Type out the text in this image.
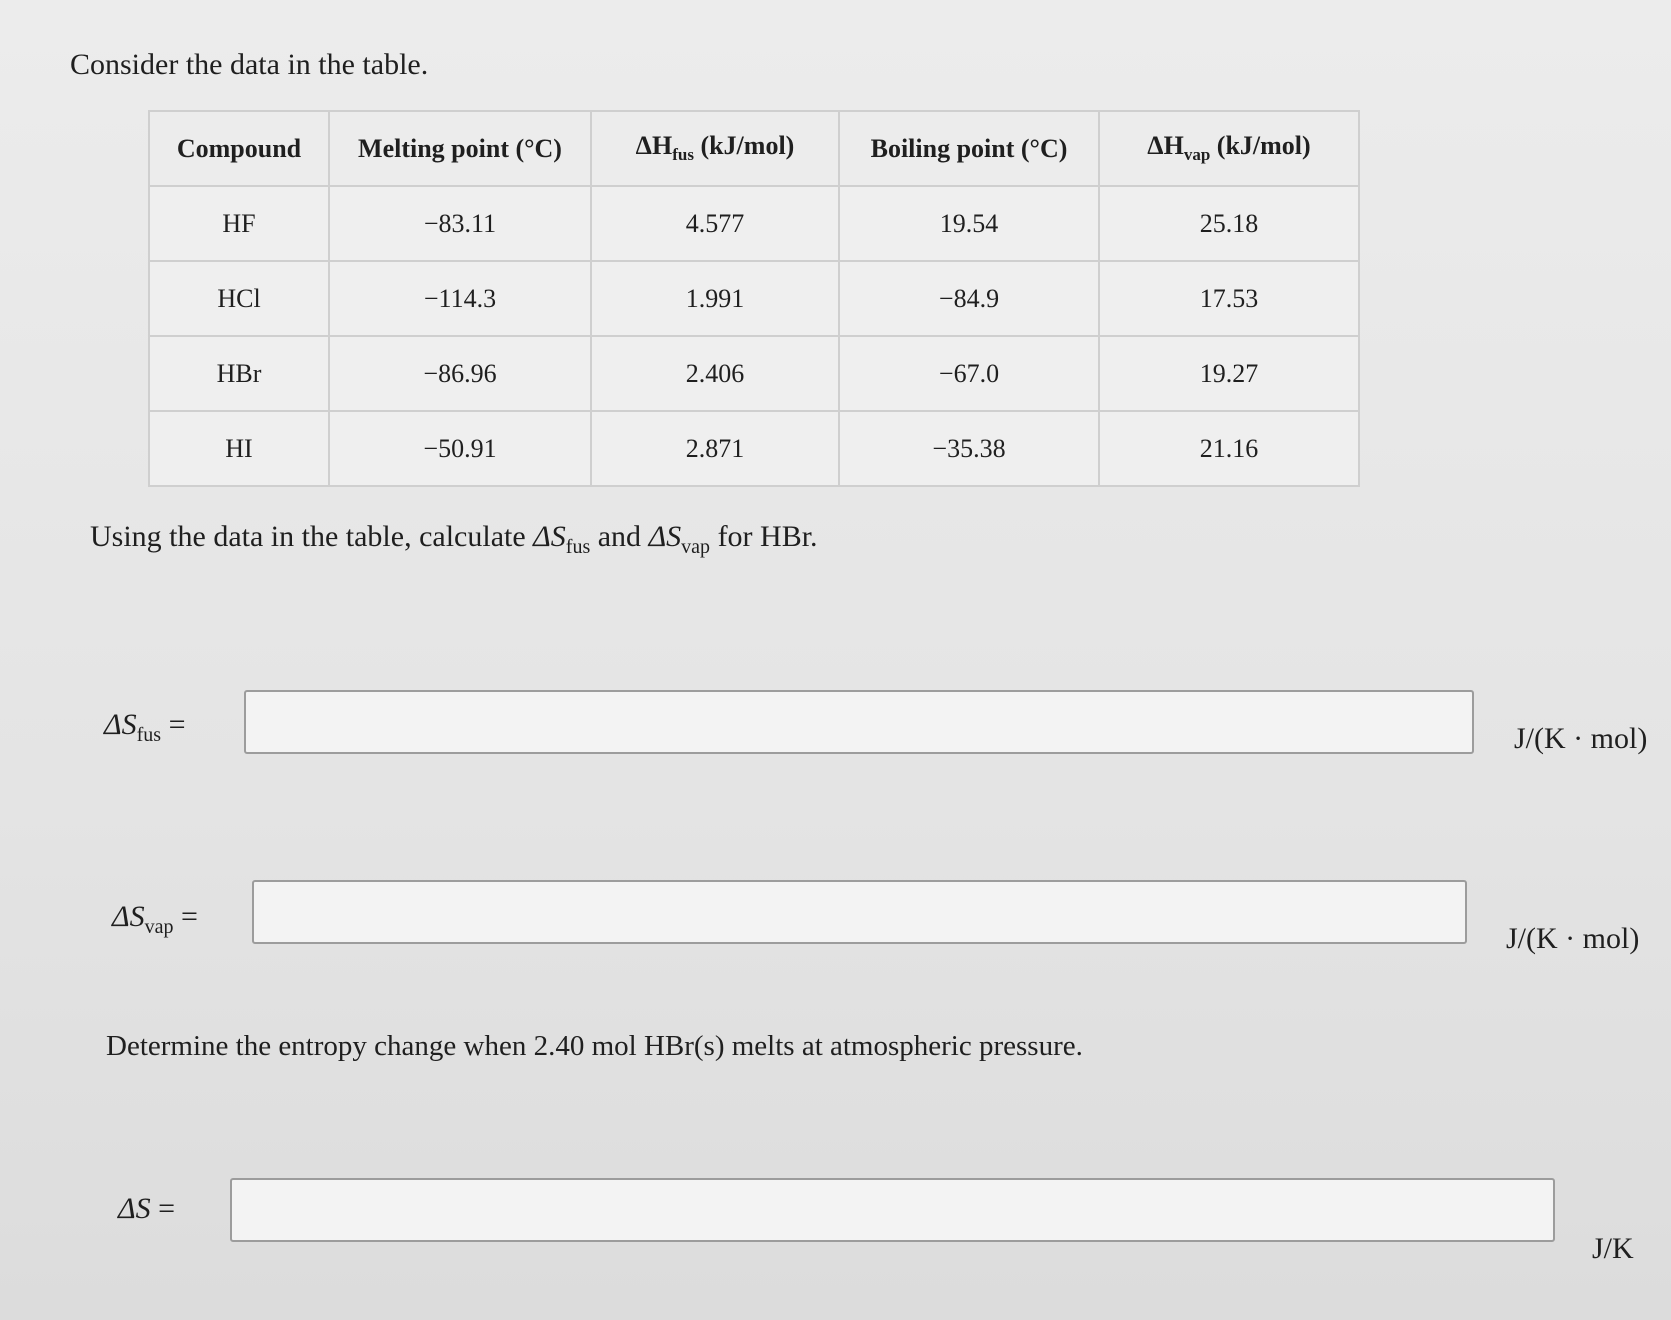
Consider the data in the table.
Compound	Melting point (°C)	$\Delta H_{fus}$ (kJ/mol)	Boiling point (°C)	$\Delta H_{vap}$ (kJ/mol)
HF	−83.11	4.577	19.54	25.18
HCl	−114.3	1.991	−84.9	17.53
HBr	−86.96	2.406	−67.0	19.27
HI	−50.91	2.871	−35.38	21.16
Using the data in the table, calculate $\Delta S_{fus}$ and $\Delta S_{vap}$ for HBr.
$\Delta S_{fus}$ =	J/(K · mol)
$\Delta S_{vap}$ =
J/(K · mol)
Determine the entropy change when 2.40 mol HBr(s) melts at atmospheric pressure.
ΔS =
J/K
